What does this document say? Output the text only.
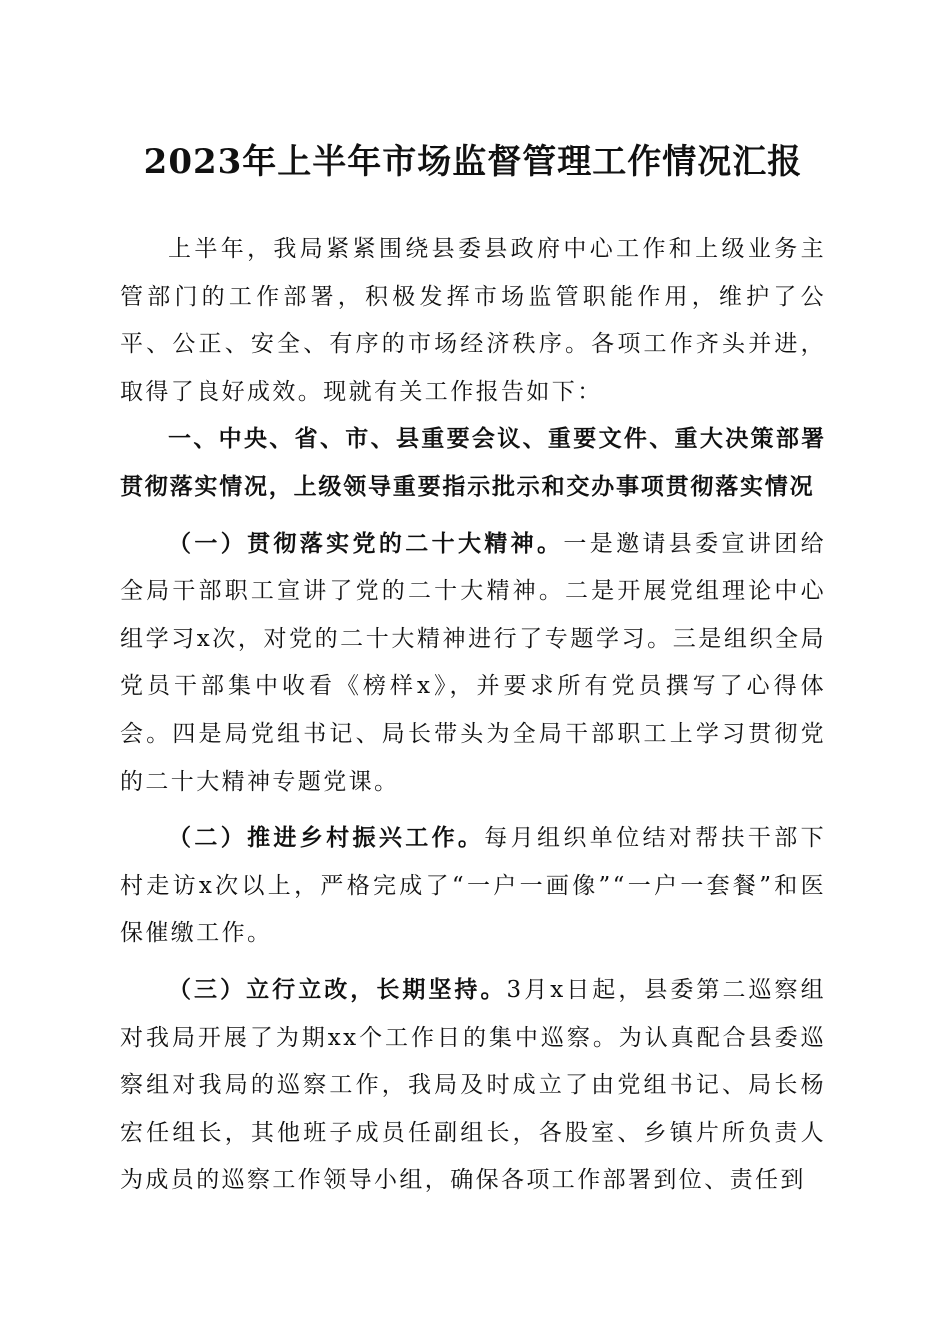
2023年上半年市场监督管理工作情况汇报

上半年，我局紧紧围绕县委县政府中心工作和上级业务主管部门的工作部署，积极发挥市场监管职能作用，维护了公平、公正、安全、有序的市场经济秩序。各项工作齐头并进，取得了良好成效。现就有关工作报告如下：

一、中央、省、市、县重要会议、重要文件、重大决策部署贯彻落实情况，上级领导重要指示批示和交办事项贯彻落实情况

（一）贯彻落实党的二十大精神。一是邀请县委宣讲团给全局干部职工宣讲了党的二十大精神。二是开展党组理论中心组学习x次，对党的二十大精神进行了专题学习。三是组织全局党员干部集中收看《榜样x》，并要求所有党员撰写了心得体会。四是局党组书记、局长带头为全局干部职工上学习贯彻党的二十大精神专题党课。

（二）推进乡村振兴工作。每月组织单位结对帮扶干部下村走访x次以上，严格完成了“一户一画像”“一户一套餐”和医保催缴工作。

（三）立行立改，长期坚持。3月x日起，县委第二巡察组对我局开展了为期xx个工作日的集中巡察。为认真配合县委巡察组对我局的巡察工作，我局及时成立了由党组书记、局长杨宏任组长，其他班子成员任副组长，各股室、乡镇片所负责人为成员的巡察工作领导小组，确保各项工作部署到位、责任到
